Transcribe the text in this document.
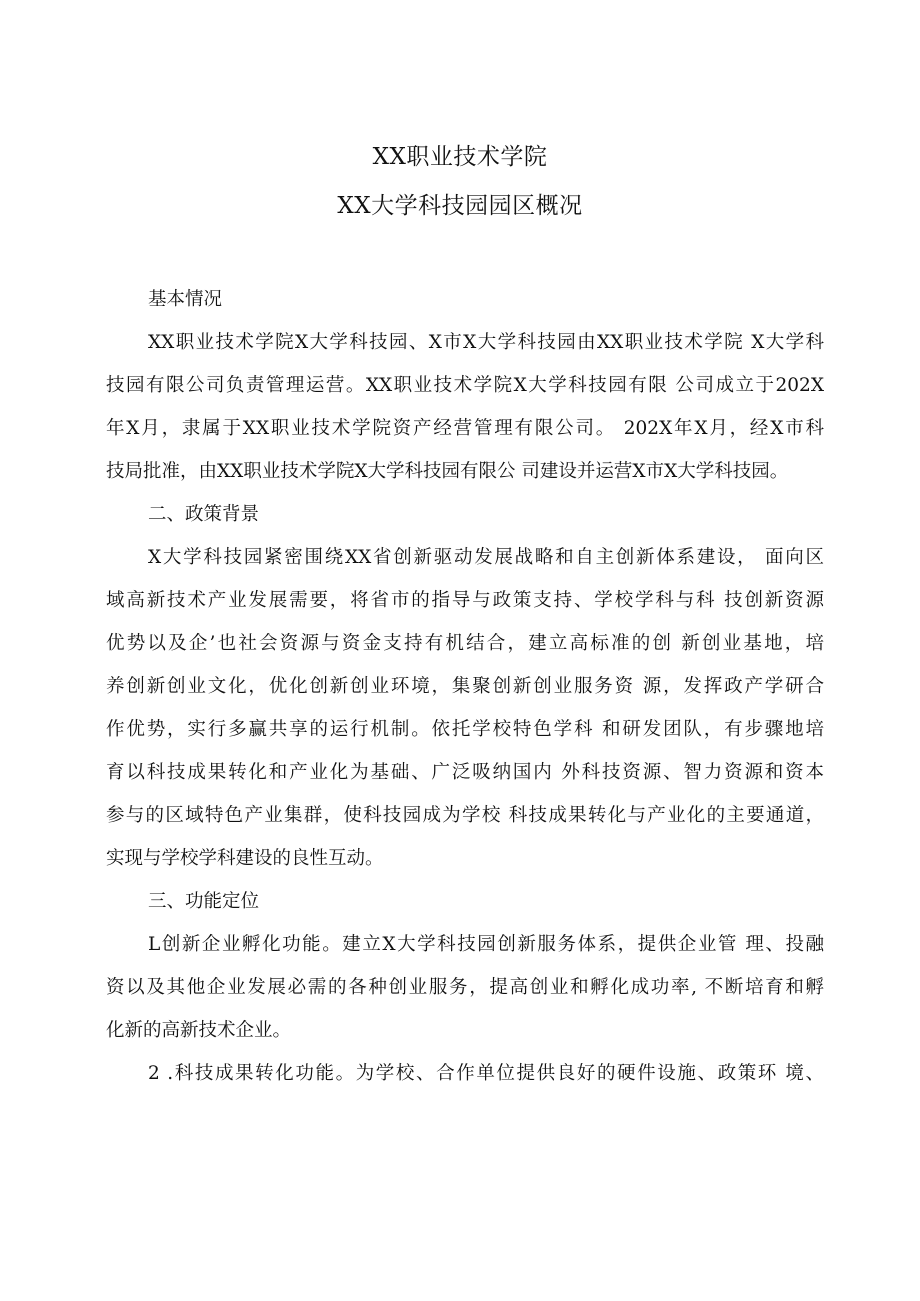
XX职业技术学院
XX大学科技园园区概况
基本情况
XX职业技术学院X大学科技园、X市X大学科技园由XX职业技术学院 X大学科
技园有限公司负责管理运营。XX职业技术学院X大学科技园有限 公司成立于202X
年X月，隶属于XX职业技术学院资产经营管理有限公司。 202X年X月，经X市科
技局批准，由XX职业技术学院X大学科技园有限公 司建设并运营X市X大学科技园。
二、政策背景
X大学科技园紧密围绕XX省创新驱动发展战略和自主创新体系建设， 面向区
域高新技术产业发展需要，将省市的指导与政策支持、学校学科与科 技创新资源
优势以及企’也社会资源与资金支持有机结合，建立高标准的创 新创业基地，培
养创新创业文化，优化创新创业环境，集聚创新创业服务资 源，发挥政产学研合
作优势，实行多赢共享的运行机制。依托学校特色学科 和研发团队，有步骤地培
育以科技成果转化和产业化为基础、广泛吸纳国内 外科技资源、智力资源和资本
参与的区域特色产业集群，使科技园成为学校 科技成果转化与产业化的主要通道，
实现与学校学科建设的良性互动。
三、功能定位
L创新企业孵化功能。建立X大学科技园创新服务体系，提供企业管 理、投融
资以及其他企业发展必需的各种创业服务，提高创业和孵化成功率, 不断培育和孵
化新的高新技术企业。
2 .科技成果转化功能。为学校、合作单位提供良好的硬件设施、政策环 境、
